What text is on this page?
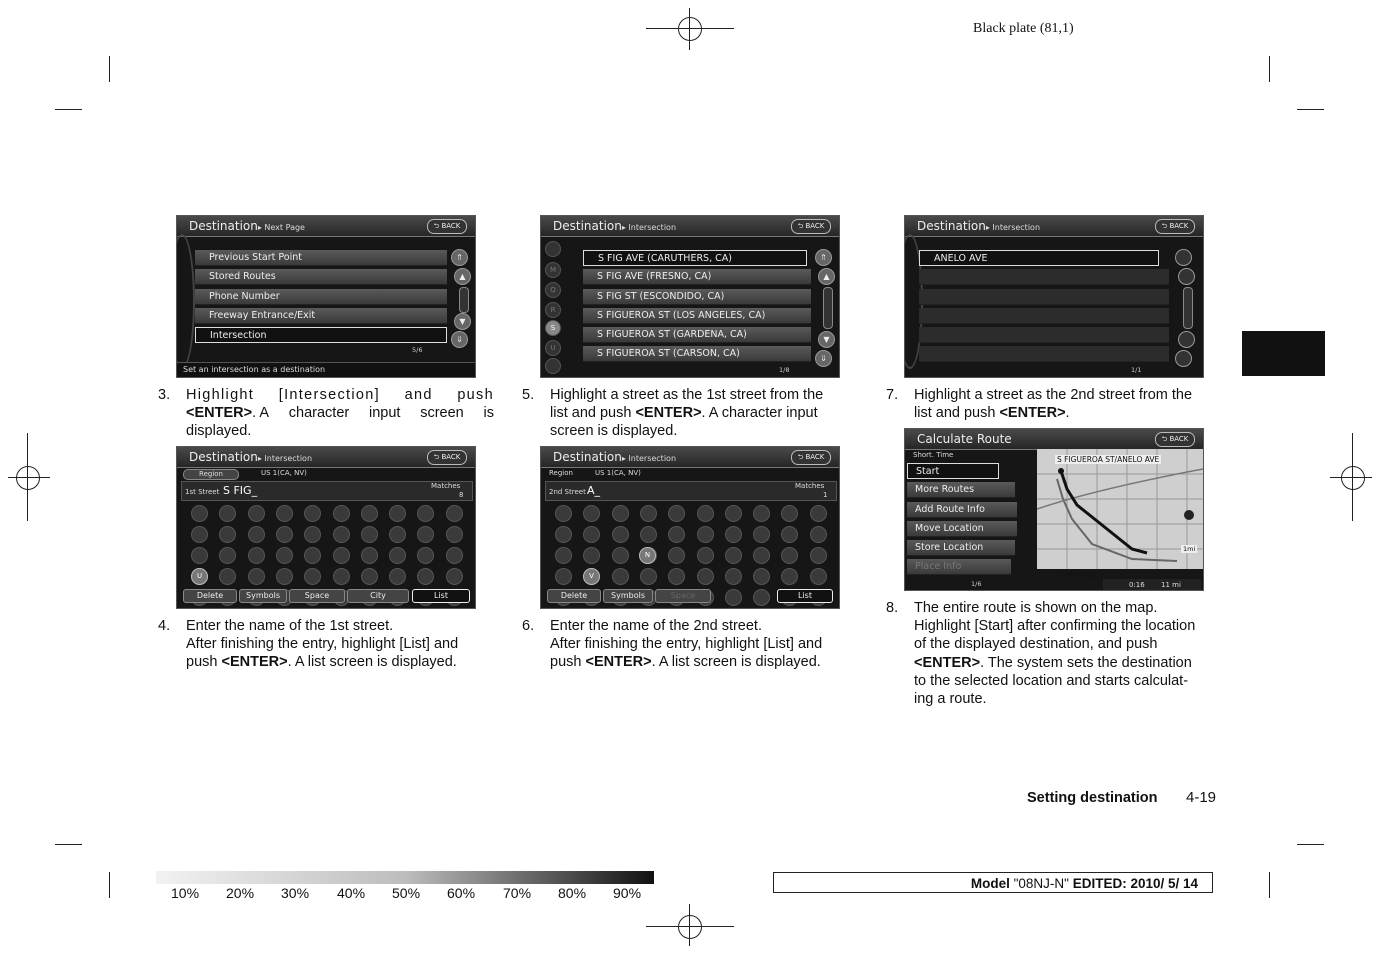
Black plate (81,1)
Destination▸ Next Page	⮌ BACK
Previous Start Point
Stored Routes
Phone Number
Freeway Entrance/Exit
Intersection
5/6
⇑
▲
▼
⇓
Set an intersection as a destination
Destination▸ Intersection	⮌ BACK
M
Q
R
S
U
S FIG AVE (CARUTHERS, CA)
S FIG AVE (FRESNO, CA)
S FIG ST (ESCONDIDO, CA)
S FIGUEROA ST (LOS ANGELES, CA)
S FIGUEROA ST (GARDENA, CA)
S FIGUEROA ST (CARSON, CA)
1/8
⇑
▲
▼
⇓
Destination▸ Intersection	⮌ BACK
ANELO AVE
1/1
Destination▸ Intersection	⮌ BACK
Region	US 1(CA, NV)
1st Street S FIG_	Matches
8
U
Delete	Symbols	Space	City	List
Destination▸ Intersection	⮌ BACK
Region	US 1(CA, NV)
2nd Street A_	Matches
1
N
V
Delete	Symbols	Space	List
Calculate Route	⮌ BACK
S FIGUEROA ST/ANELO AVE
TORRANCE
1mi
0:16 11 mi
Short. Time
Start
More Routes
Add Route Info
Move Location
Store Location
Place Info
1/6
3. Highlight [Intersection] and push
<ENTER>. A character input screen is
displayed.
4. Enter the name of the 1st street.
After finishing the entry, highlight [List] and
push <ENTER>. A list screen is displayed.
5. Highlight a street as the 1st street from the
list and push <ENTER>. A character input
screen is displayed.
6. Enter the name of the 2nd street.
After finishing the entry, highlight [List] and
push <ENTER>. A list screen is displayed.
7. Highlight a street as the 2nd street from the
list and push <ENTER>.
8. The entire route is shown on the map.
Highlight [Start] after confirming the location
of the displayed destination, and push
<ENTER>. The system sets the destination
to the selected location and starts calculat-
ing a route.
Setting destination 4-19
10% 20% 30% 40% 50% 60% 70% 80% 90%
Model "08NJ-N" EDITED: 2010/ 5/ 14
